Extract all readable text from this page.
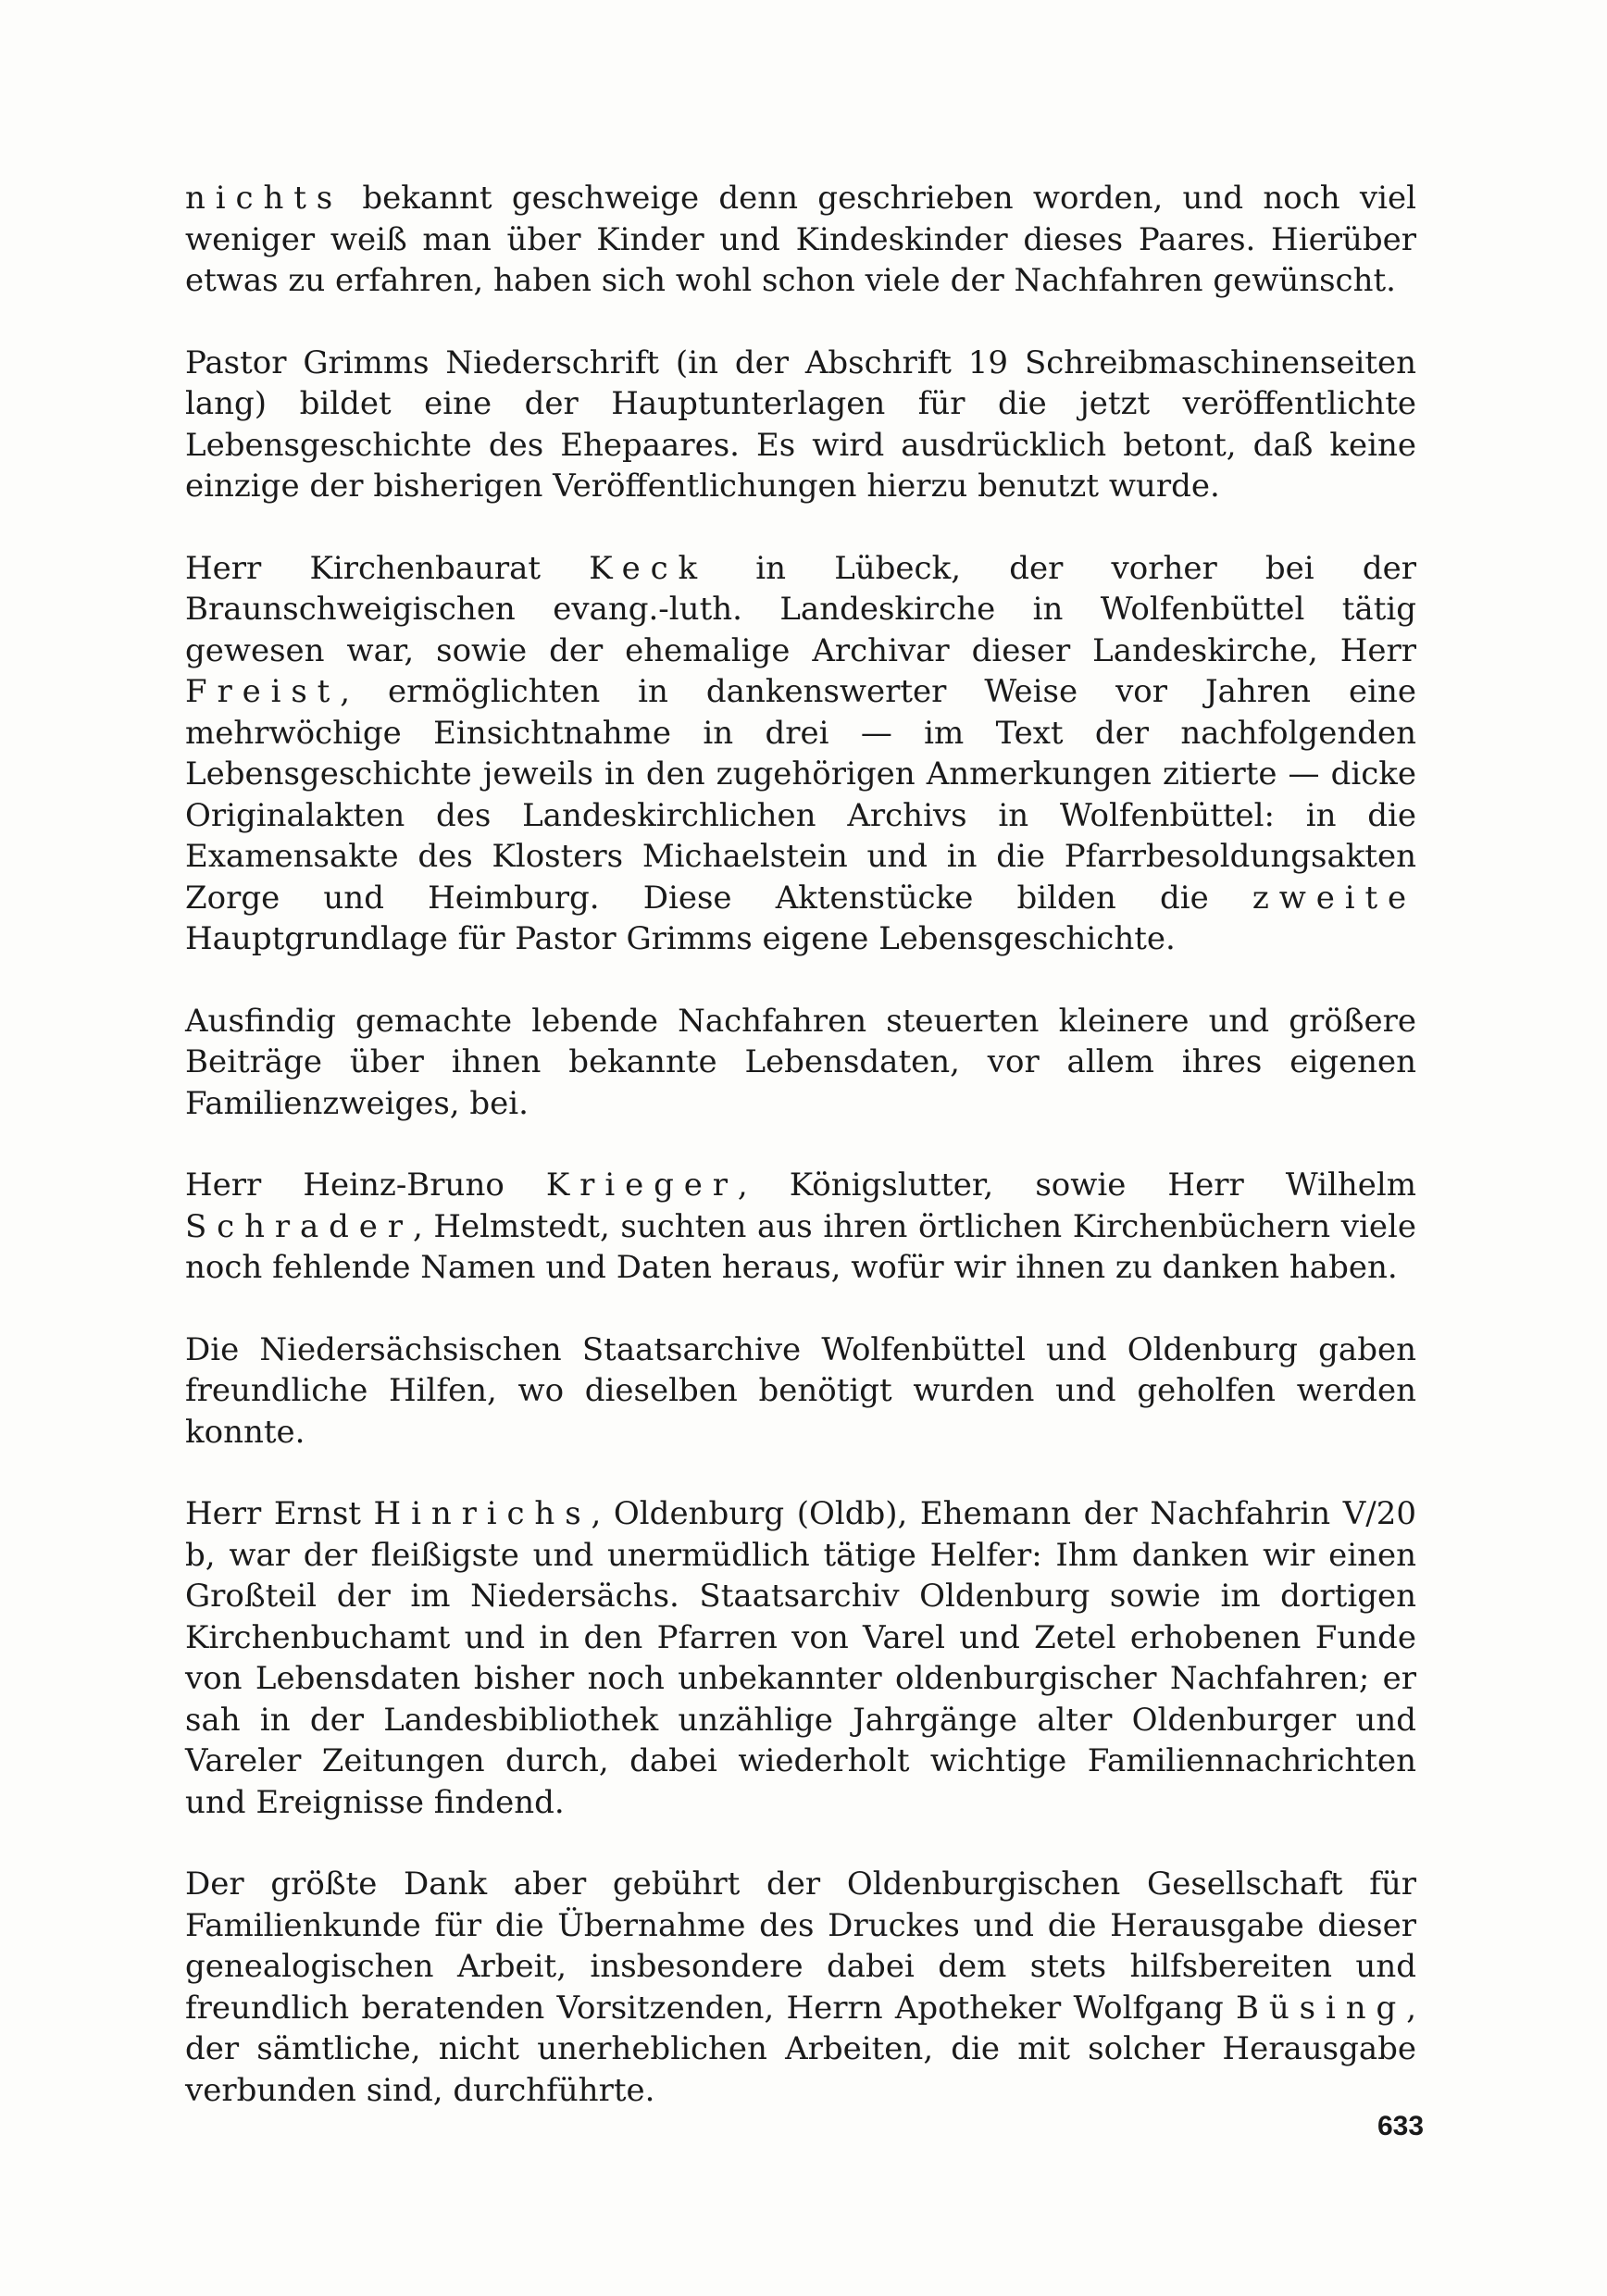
nichts bekannt geschweige denn geschrieben worden, und noch viel weniger weiß man über Kinder und Kindeskinder dieses Paares. Hierüber etwas zu erfahren, haben sich wohl schon viele der Nachfahren gewünscht.

Pastor Grimms Niederschrift (in der Abschrift 19 Schreibmaschinenseiten lang) bildet eine der Hauptunterlagen für die jetzt veröffentlichte Lebensgeschichte des Ehepaares. Es wird ausdrücklich betont, daß keine einzige der bisherigen Veröffentlichungen hierzu benutzt wurde.

Herr Kirchenbaurat Keck in Lübeck, der vorher bei der Braunschweigischen evang.-luth. Landeskirche in Wolfenbüttel tätig gewesen war, sowie der ehemalige Archivar dieser Landeskirche, Herr Freist, ermöglichten in dankenswerter Weise vor Jahren eine mehrwöchige Einsichtnahme in drei — im Text der nachfolgenden Lebensgeschichte jeweils in den zugehörigen Anmerkungen zitierte — dicke Originalakten des Landeskirchlichen Archivs in Wolfenbüttel: in die Examensakte des Klosters Michaelstein und in die Pfarrbesoldungsakten Zorge und Heimburg. Diese Aktenstücke bilden die zweite Hauptgrundlage für Pastor Grimms eigene Lebensgeschichte.

Ausfindig gemachte lebende Nachfahren steuerten kleinere und größere Beiträge über ihnen bekannte Lebensdaten, vor allem ihres eigenen Familienzweiges, bei.

Herr Heinz-Bruno Krieger, Königslutter, sowie Herr Wilhelm Schrader, Helmstedt, suchten aus ihren örtlichen Kirchenbüchern viele noch fehlende Namen und Daten heraus, wofür wir ihnen zu danken haben.

Die Niedersächsischen Staatsarchive Wolfenbüttel und Oldenburg gaben freundliche Hilfen, wo dieselben benötigt wurden und geholfen werden konnte.

Herr Ernst Hinrichs, Oldenburg (Oldb), Ehemann der Nachfahrin V/20 b, war der fleißigste und unermüdlich tätige Helfer: Ihm danken wir einen Großteil der im Niedersächs. Staatsarchiv Oldenburg sowie im dortigen Kirchenbuchamt und in den Pfarren von Varel und Zetel erhobenen Funde von Lebensdaten bisher noch unbekannter oldenburgischer Nachfahren; er sah in der Landesbibliothek unzählige Jahrgänge alter Oldenburger und Vareler Zeitungen durch, dabei wiederholt wichtige Familiennachrichten und Ereignisse findend.

Der größte Dank aber gebührt der Oldenburgischen Gesellschaft für Familienkunde für die Übernahme des Druckes und die Herausgabe dieser genealogischen Arbeit, insbesondere dabei dem stets hilfsbereiten und freundlich beratenden Vorsitzenden, Herrn Apotheker Wolfgang Büsing, der sämtliche, nicht unerheblichen Arbeiten, die mit solcher Herausgabe verbunden sind, durchführte.

633
